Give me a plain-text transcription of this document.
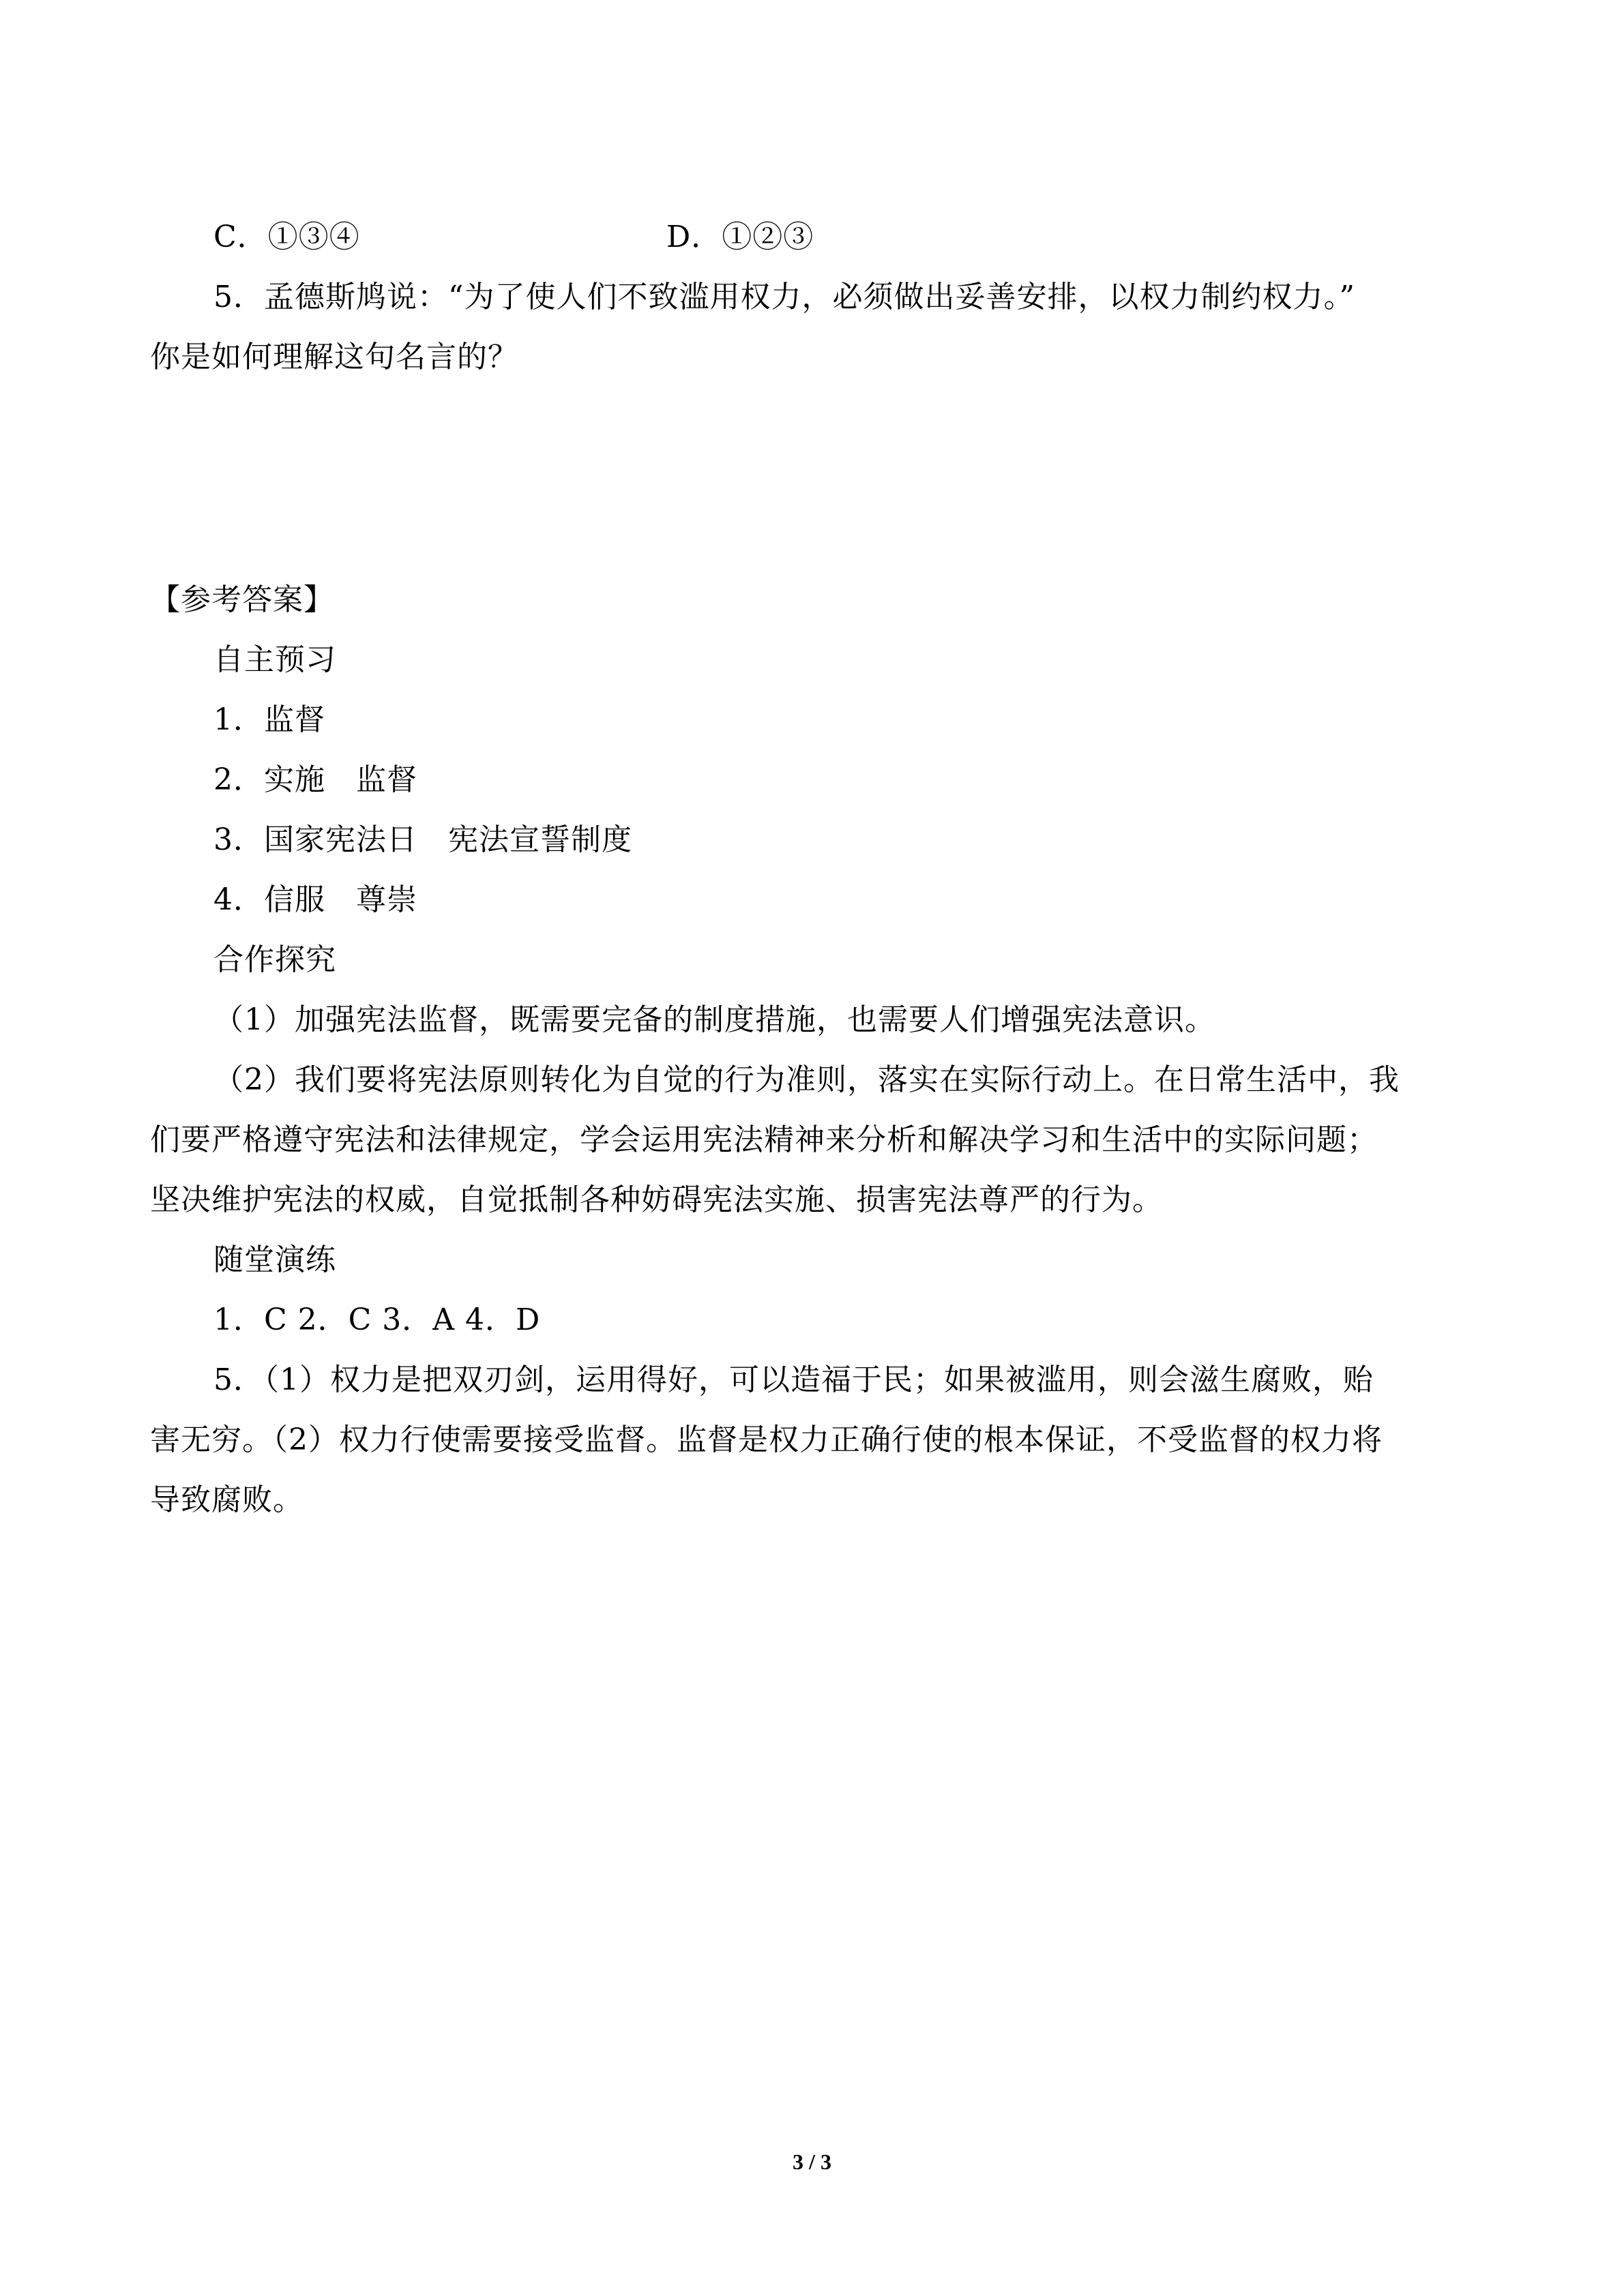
C．①③④	D．①②③
5．孟德斯鸠说：“为了使人们不致滥用权力，必须做出妥善安排，以权力制约权力。”
你是如何理解这句名言的？
【参考答案】
自主预习
1．监督
2．实施　监督
3．国家宪法日　宪法宣誓制度
4．信服　尊崇
合作探究
（1）加强宪法监督，既需要完备的制度措施，也需要人们增强宪法意识。
（2）我们要将宪法原则转化为自觉的行为准则，落实在实际行动上。在日常生活中，我
们要严格遵守宪法和法律规定，学会运用宪法精神来分析和解决学习和生活中的实际问题；
坚决维护宪法的权威，自觉抵制各种妨碍宪法实施、损害宪法尊严的行为。
随堂演练
1．C 2．C 3．A 4．D
5．（1）权力是把双刃剑，运用得好，可以造福于民；如果被滥用，则会滋生腐败，贻
害无穷。（2）权力行使需要接受监督。监督是权力正确行使的根本保证，不受监督的权力将
导致腐败。
3 / 3
